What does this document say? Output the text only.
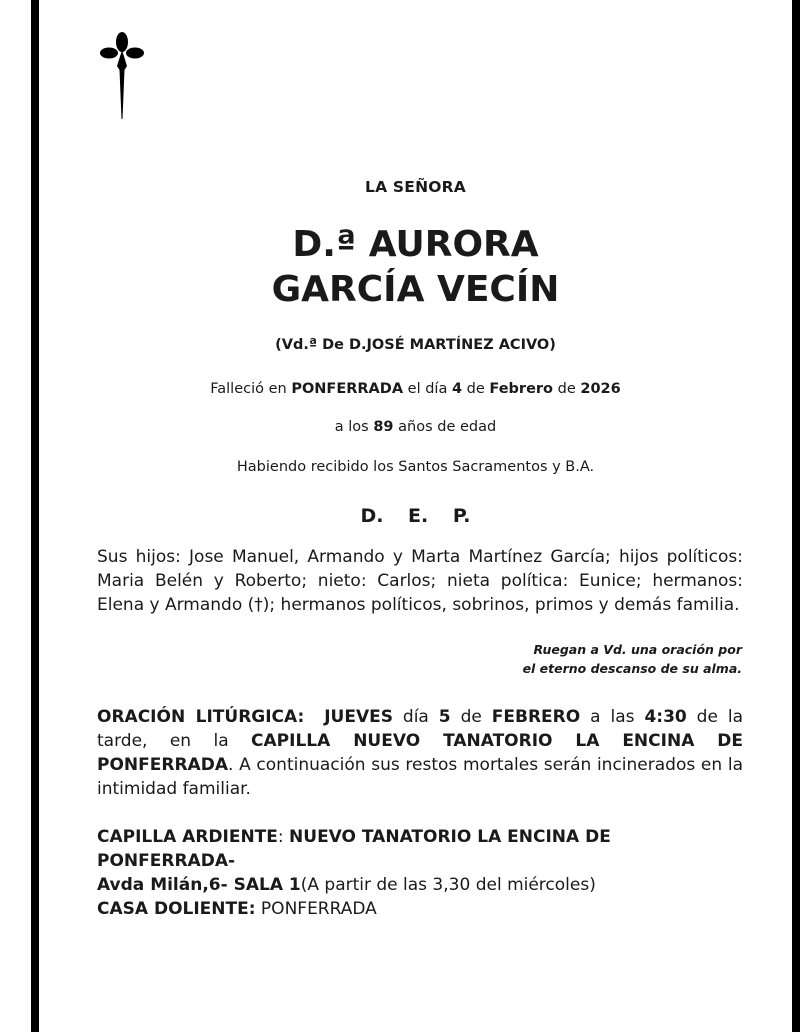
LA SEÑORA
D.ª AURORA
GARCÍA VECÍN
(Vd.ª De D.JOSÉ MARTÍNEZ ACIVO)
Falleció en PONFERRADA el día 4 de Febrero de 2026
a los 89 años de edad
Habiendo recibido los Santos Sacramentos y B.A.
D. E. P.
Sus hijos: Jose Manuel, Armando y Marta Martínez García; hijos políticos: Maria Belén y Roberto; nieto: Carlos; nieta política: Eunice; hermanos: Elena y Armando (†); hermanos políticos, sobrinos, primos y demás familia.
Ruegan a Vd. una oración por
el eterno descanso de su alma.
ORACIÓN LITÚRGICA: JUEVES día 5 de FEBRERO a las 4:30 de la tarde, en la CAPILLA NUEVO TANATORIO LA ENCINA DE PONFERRADA. A continuación sus restos mortales serán incinerados en la intimidad familiar.
CAPILLA ARDIENTE: NUEVO TANATORIO LA ENCINA DE PONFERRADA-
Avda Milán,6- SALA 1(A partir de las 3,30 del miércoles)
CASA DOLIENTE: PONFERRADA
